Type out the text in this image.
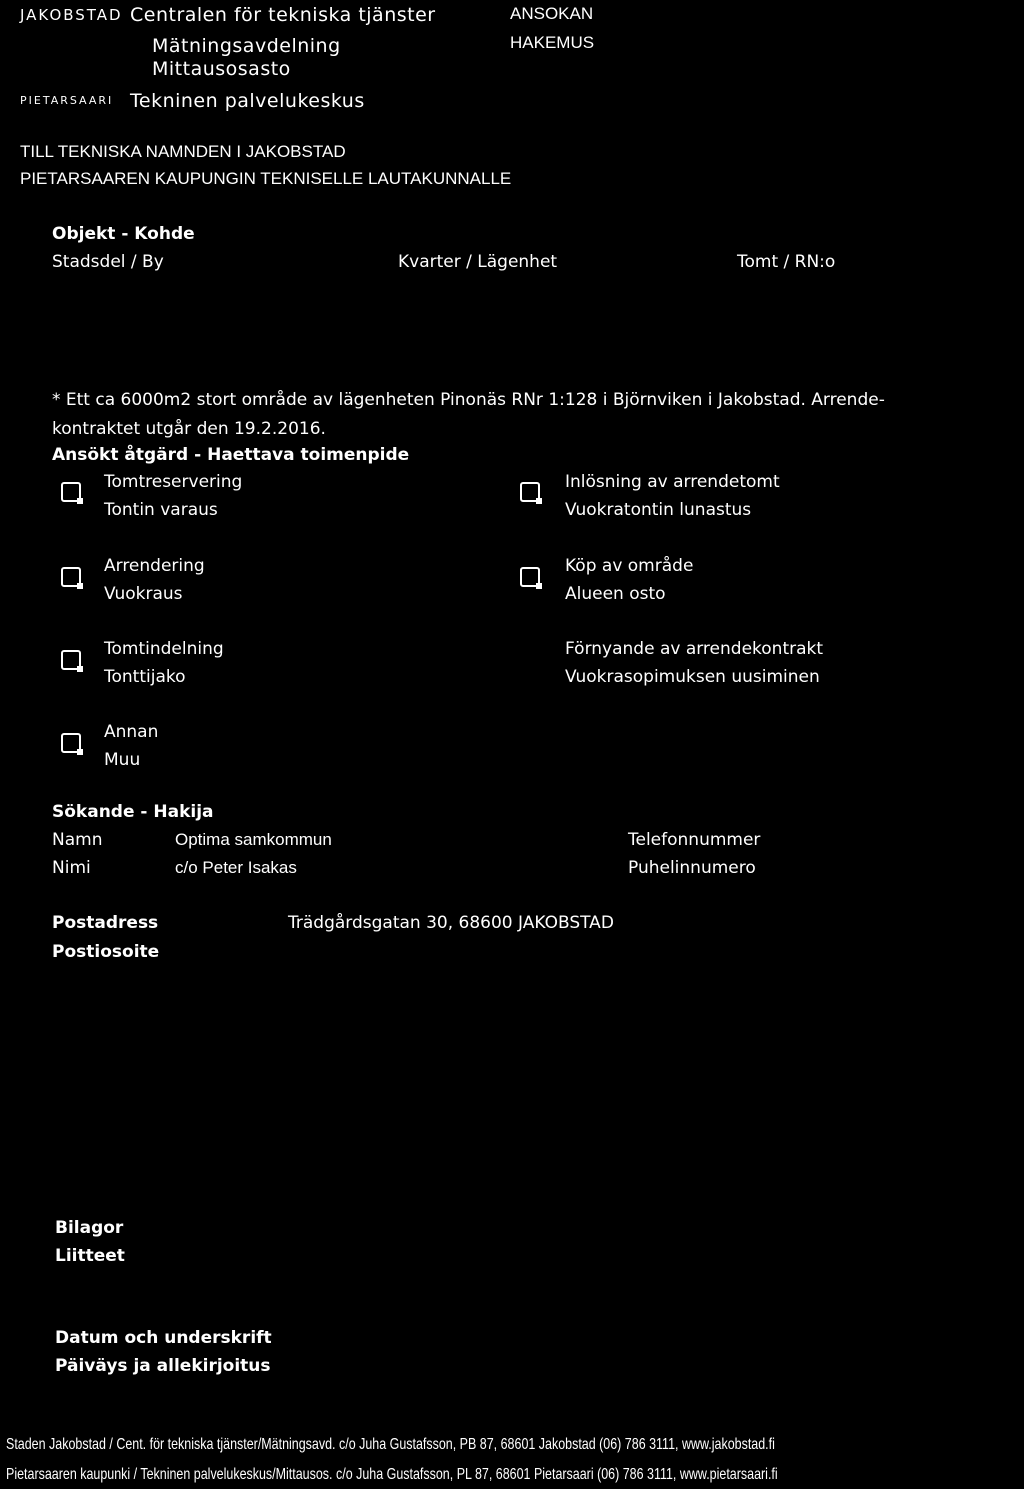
JAKOBSTAD
PIETARSAARI
Centralen för tekniska tjänster
Mätningsavdelning
Mittausosasto
Tekninen palvelukeskus
ANSOKAN
HAKEMUS
TILL TEKNISKA NAMNDEN I JAKOBSTAD
PIETARSAAREN KAUPUNGIN TEKNISELLE LAUTAKUNNALLE
Objekt - Kohde
Stadsdel / By	Kvarter / Lägenhet	Tomt / RN:o
* Ett ca 6000m2 stort område av lägenheten Pinonäs RNr 1:128 i Björnviken i Jakobstad. Arrende-
kontraktet utgår den 19.2.2016.
Ansökt åtgärd - Haettava toimenpide
Tomtreservering
Tontin varaus
Inlösning av arrendetomt
Vuokratontin lunastus
Arrendering
Vuokraus
Köp av område
Alueen osto
Tomtindelning
Tonttijako
Förnyande av arrendekontrakt
Vuokrasopimuksen uusiminen
Annan
Muu
Sökande - Hakija
Namn
Nimi
Optima samkommun
c/o Peter Isakas
Telefonnummer
Puhelinnumero
Postadress
Postiosoite
Trädgårdsgatan 30, 68600 JAKOBSTAD
Bilagor
Liitteet
Datum och underskrift
Päiväys ja allekirjoitus
Staden Jakobstad / Cent. för tekniska tjänster/Mätningsavd. c/o Juha Gustafsson, PB 87, 68601 Jakobstad (06) 786 3111, www.jakobstad.fi
Pietarsaaren kaupunki / Tekninen palvelukeskus/Mittausos. c/o Juha Gustafsson, PL 87, 68601 Pietarsaari (06) 786 3111, www.pietarsaari.fi
